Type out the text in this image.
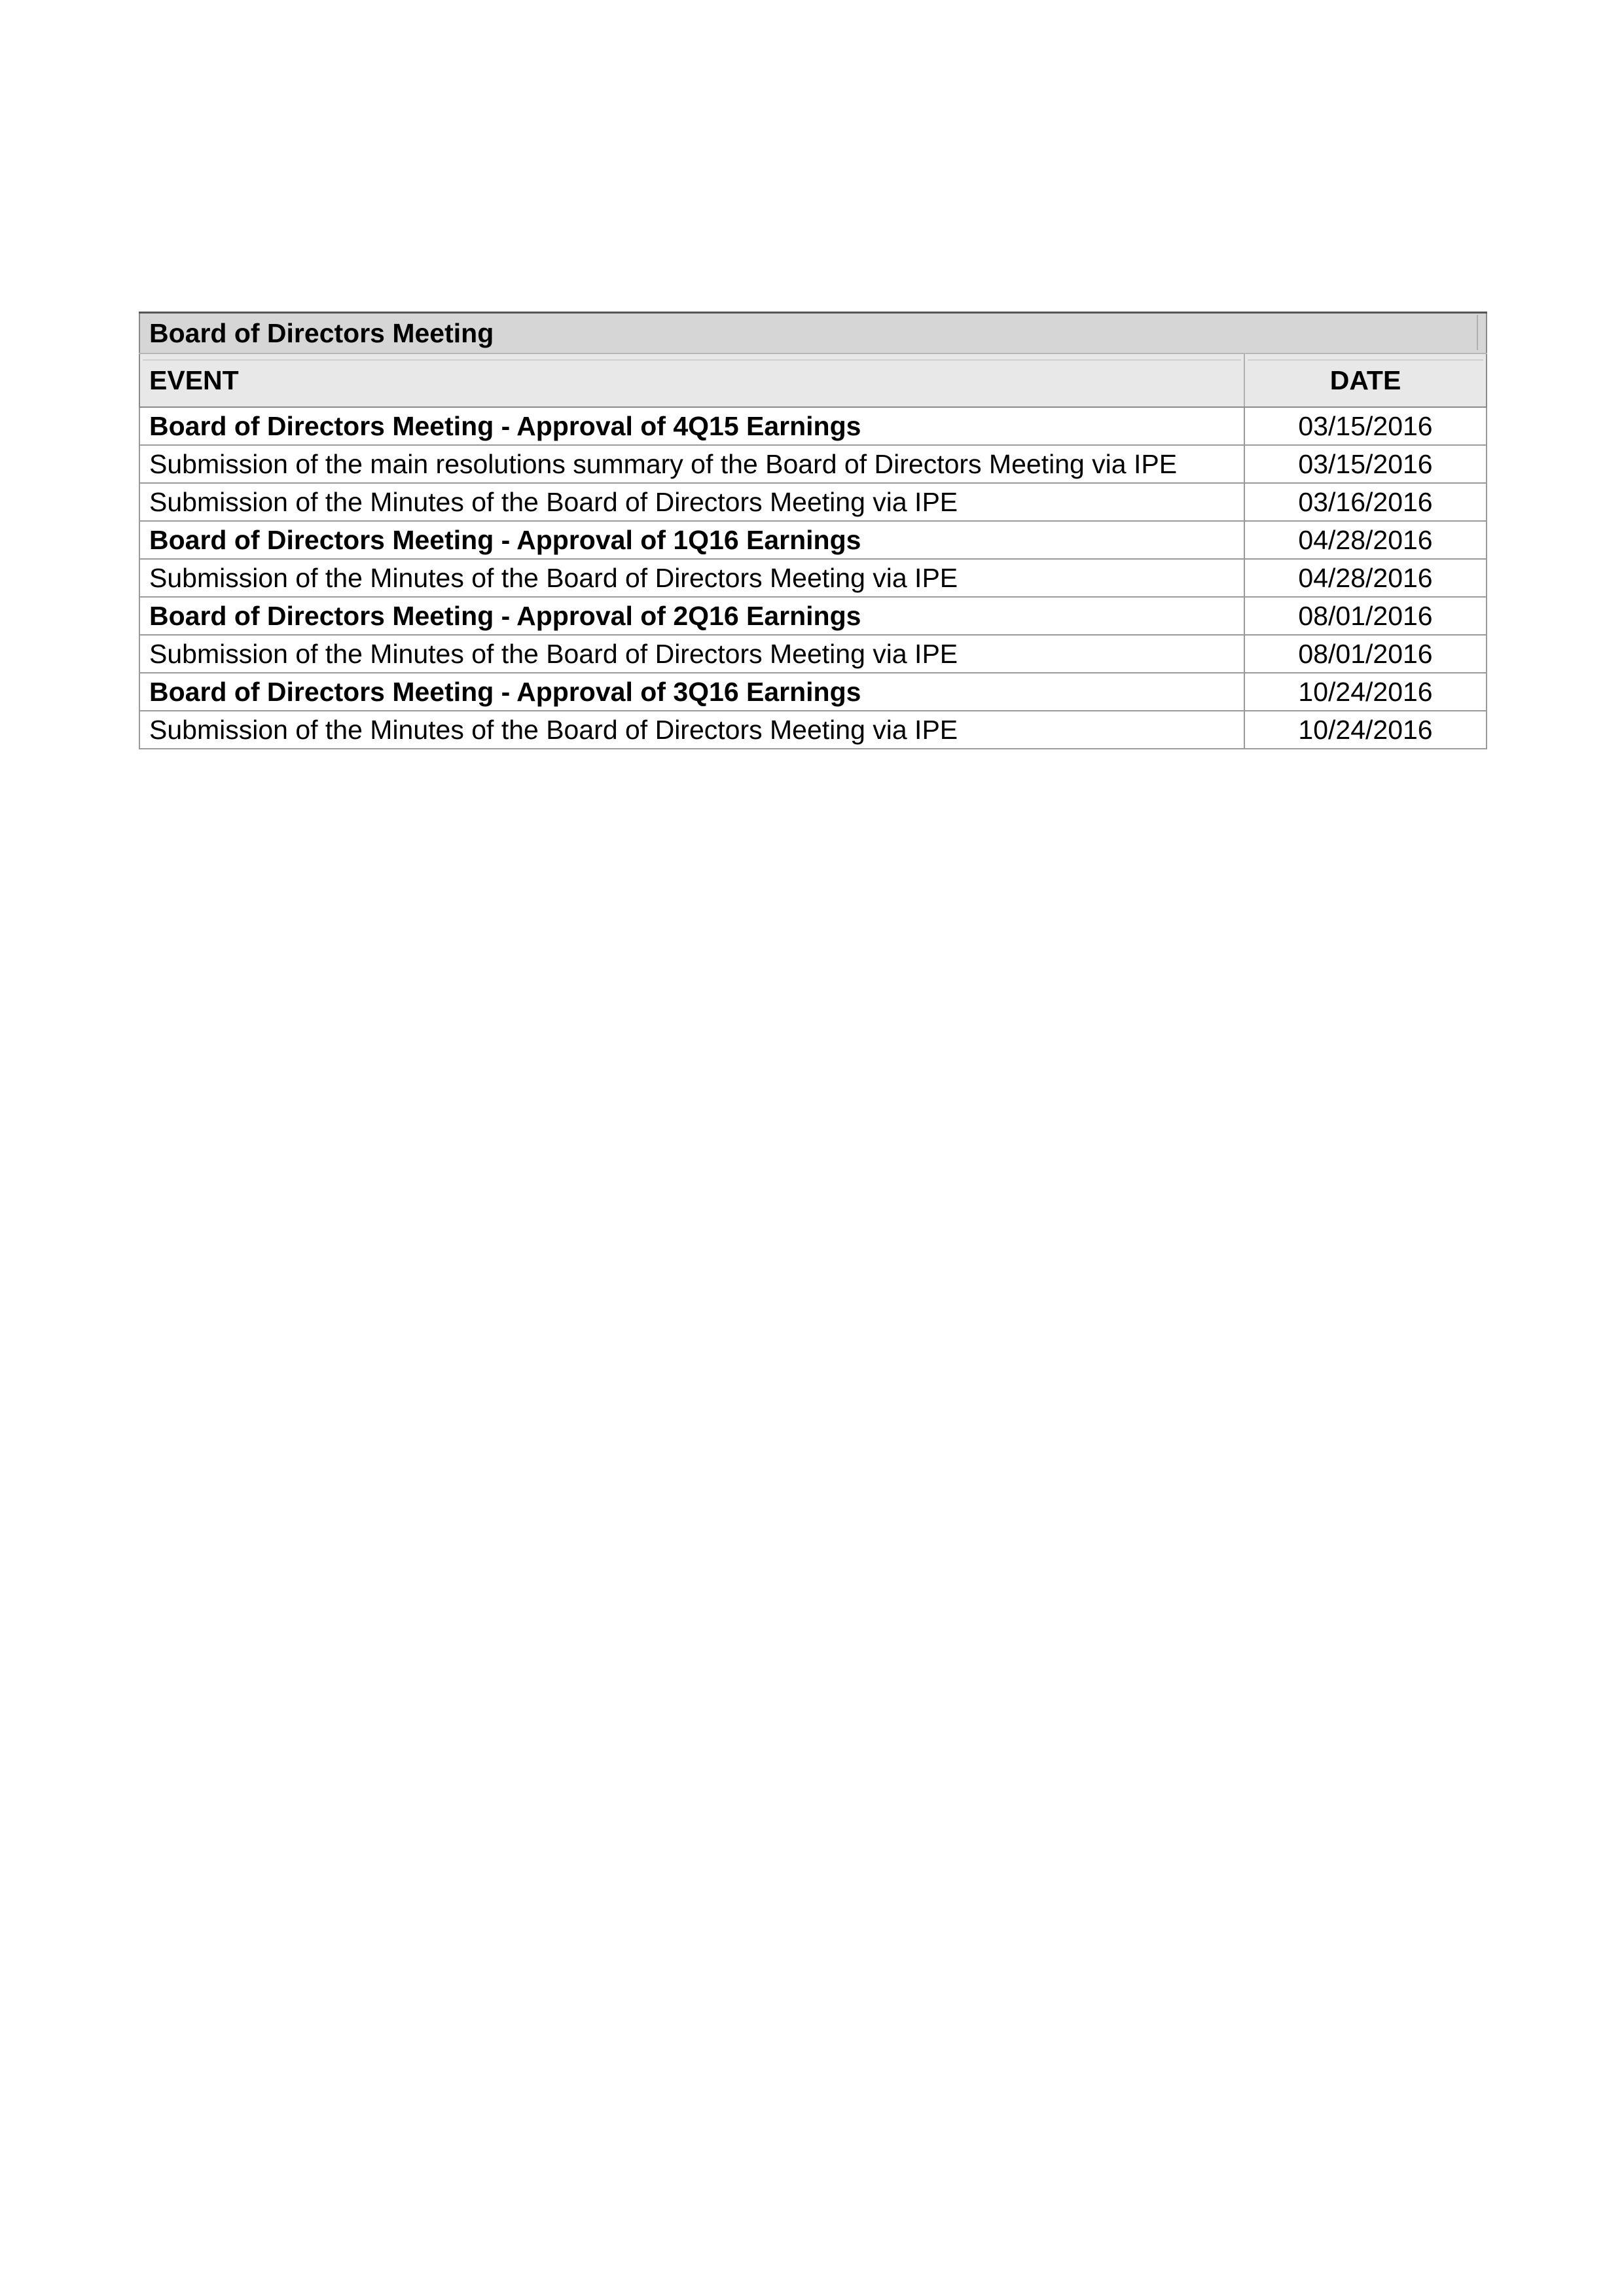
Board of Directors Meeting	

EVENT	DATE

Board of Directors Meeting - Approval of 4Q15 Earnings	03/15/2016
Submission of the main resolutions summary of the Board of Directors Meeting via IPE	03/15/2016
Submission of the Minutes of the Board of Directors Meeting via IPE	03/16/2016
Board of Directors Meeting - Approval of 1Q16 Earnings	04/28/2016
Submission of the Minutes of the Board of Directors Meeting via IPE	04/28/2016
Board of Directors Meeting - Approval of 2Q16 Earnings	08/01/2016
Submission of the Minutes of the Board of Directors Meeting via IPE	08/01/2016
Board of Directors Meeting - Approval of 3Q16 Earnings	10/24/2016
Submission of the Minutes of the Board of Directors Meeting via IPE	10/24/2016
